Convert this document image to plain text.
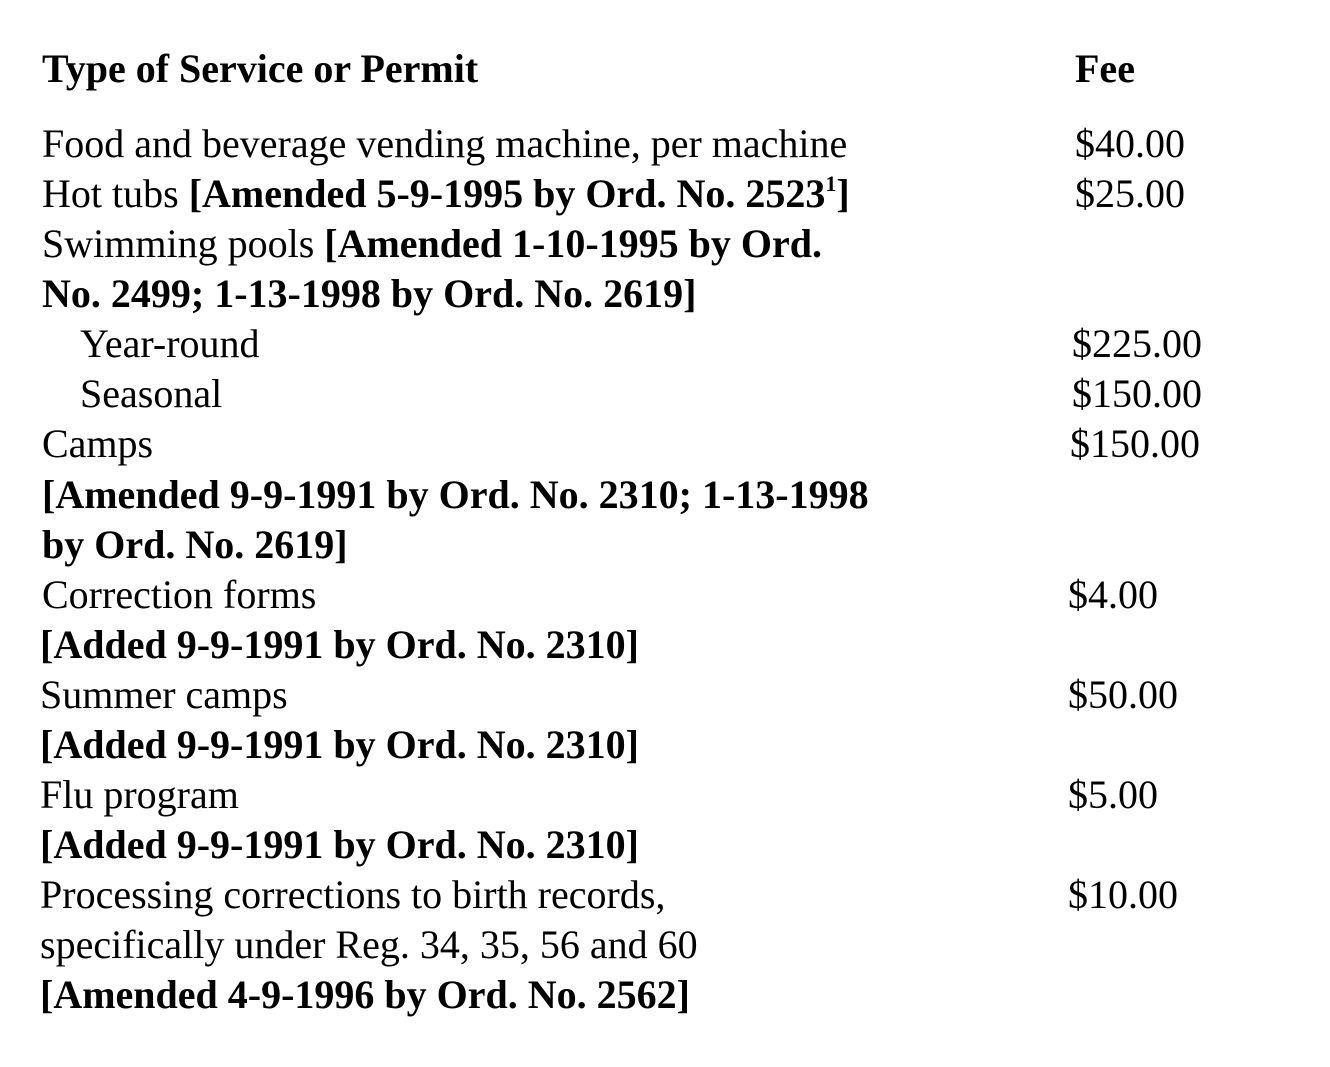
Type of Service or Permit	Fee
Food and beverage vending machine, per machine	$40.00
Hot tubs [Amended 5-9-1995 by Ord. No. 2523$^1$]	$25.00
Swimming pools [Amended 1-10-1995 by Ord.
No. 2499; 1-13-1998 by Ord. No. 2619]
Year-round	$225.00
Seasonal	$150.00
Camps	$150.00
[Amended 9-9-1991 by Ord. No. 2310; 1-13-1998
by Ord. No. 2619]
Correction forms	$4.00
[Added 9-9-1991 by Ord. No. 2310]
Summer camps	$50.00
[Added 9-9-1991 by Ord. No. 2310]
Flu program	$5.00
[Added 9-9-1991 by Ord. No. 2310]
Processing corrections to birth records,	$10.00
specifically under Reg. 34, 35, 56 and 60
[Amended 4-9-1996 by Ord. No. 2562]
